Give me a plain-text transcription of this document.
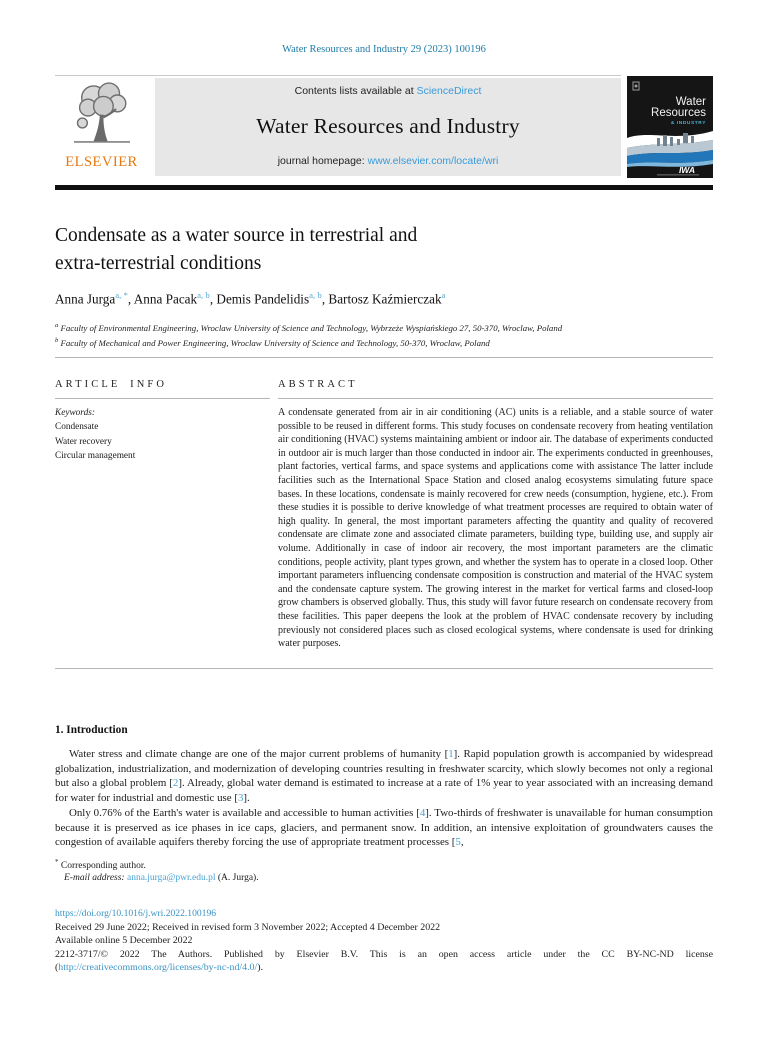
Water Resources and Industry 29 (2023) 100196
ELSEVIER
Contents lists available at ScienceDirect
Water Resources and Industry
journal homepage: www.elsevier.com/locate/wri
Water
Resources
& INDUSTRY
IWA
Condensate as a water source in terrestrial and
extra-terrestrial conditions
Anna Jurga$^{a, *}$, Anna Pacak$^{a, b}$, Demis Pandelidis$^{a, b}$, Bartosz Kaźmierczak$^a$
$^a$ Faculty of Environmental Engineering, Wroclaw University of Science and Technology, Wybrzeże Wyspiańskiego 27, 50-370, Wroclaw, Poland
$^b$ Faculty of Mechanical and Power Engineering, Wroclaw University of Science and Technology, 50-370, Wroclaw, Poland
ARTICLE INFO
Keywords:
Condensate
Water recovery
Circular management
ABSTRACT
A condensate generated from air in air conditioning (AC) units is a reliable, and a stable source of water possible to be reused in different forms. This study focuses on condensate recovery from heating ventilation air conditioning (HVAC) systems maintaining ambient or indoor air. The database of experiments conducted in outdoor air is much larger than those conducted in indoor air. The experiments conducted in greenhouses, plant factories, vertical farms, and space systems and applications come with assistance The latter include facilities such as the International Space Station and closed analog ecosystems simulating future space bases. In these locations, condensate is mainly recovered for crew needs (consumption, hygiene, etc.). From these studies it is possible to derive knowledge of what treatment processes are required to obtain water of high quality. In general, the most important parameters affecting the quantity and quality of recovered condensate are climate zone and associated climate parameters, building type, building use, and supply air volume. Additionally in case of indoor air recovery, the most important parameters are the climatic conditions, people activity, plant types grown, and whether the system has to operate in a closed loop. Other important parameters influencing condensate composition is construction and material of the HVAC system and the condensate capture system. The growing interest in the market for vertical farms and closed-loop grow chambers is observed globally. Thus, this study will favor future research on condensate recovery from these facilities. This paper deepens the look at the problem of HVAC condensate recovery by including previously not considered places such as closed ecological systems, where condensate is used for drinking water purposes.
1. Introduction

Water stress and climate change are one of the major current problems of humanity [1]. Rapid population growth is accompanied by widespread globalization, industrialization, and modernization of developing countries resulting in freshwater scarcity, which slowly becomes not only a regional but also a global problem [2]. Already, global water demand is estimated to increase at a rate of 1% year to year associated with an increasing demand for water for industrial and domestic use [3].

Only 0.76% of the Earth's water is available and accessible to human activities [4]. Two-thirds of freshwater is unavailable for human consumption because it is preserved as ice phases in ice caps, glaciers, and permanent snow. In addition, an intensive exploitation of groundwaters causes the congestion of available aquifers thereby forcing the use of appropriate treatment processes [5,

* Corresponding author.
E-mail address: anna.jurga@pwr.edu.pl (A. Jurga).
https://doi.org/10.1016/j.wri.2022.100196
Received 29 June 2022; Received in revised form 3 November 2022; Accepted 4 December 2022
Available online 5 December 2022
2212-3717/© 2022 The Authors. Published by Elsevier B.V. This is an open access article under the CC BY-NC-ND license
(http://creativecommons.org/licenses/by-nc-nd/4.0/).
